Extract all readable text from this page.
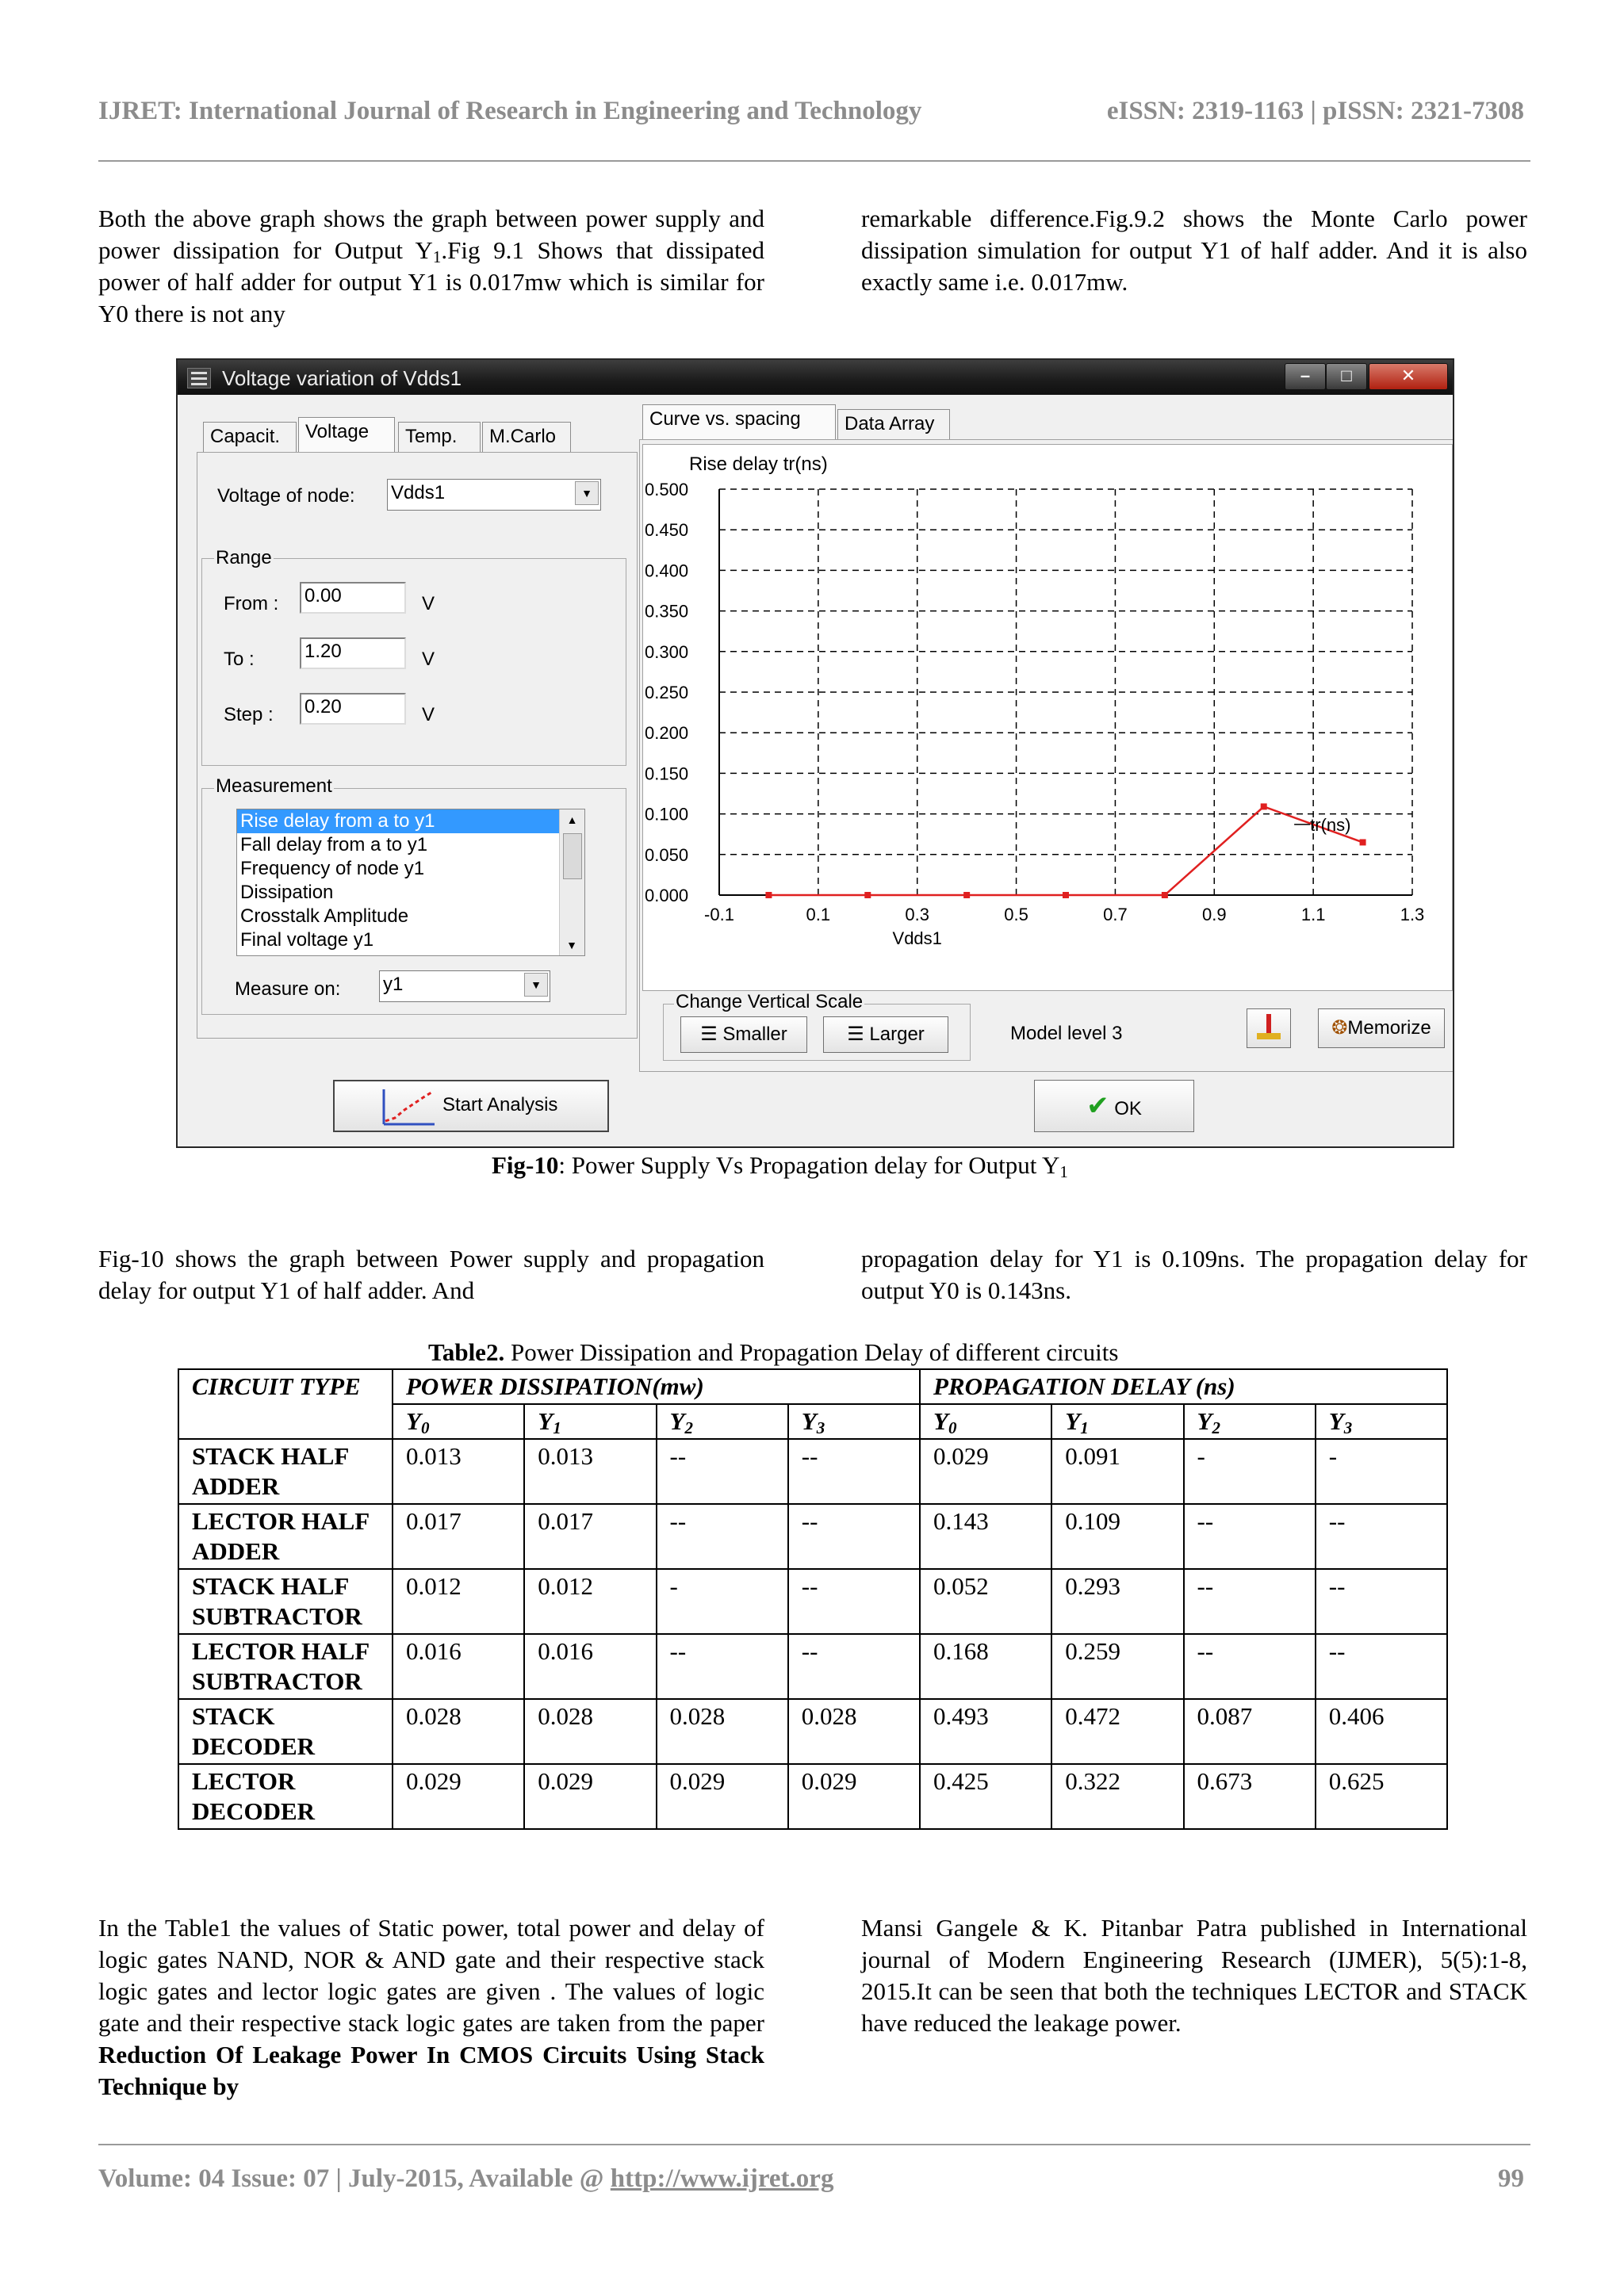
IJRET: International Journal of Research in Engineering and Technology	eISSN: 2319-1163 | pISSN: 2321-7308
Both the above graph shows the graph between power supply and power dissipation for Output $Y_1.Fig$ 9.1 Shows that dissipated power of half adder for output Y1 is 0.017mw which is similar for Y0 there is not any
remarkable difference.Fig.9.2 shows the Monte Carlo power dissipation simulation for output Y1 of half adder. And it is also exactly same i.e. 0.017mw.
Voltage variation of Vdds1	–	□	✕
Capacit.	Voltage	Temp.	M.Carlo
Voltage of node: Vdds1	▼
Range
From : 0.00	V
To :	1.20	V
Step : 0.20	V
Measurement
Rise delay from a to y1
Fall delay from a to y1
Frequency of node y1
Dissipation
Crosstalk Amplitude
Final voltage y1
▲
▼
Measure on: y1	▼
Curve vs. spacing	Data Array
Rise delay tr(ns)
0.000
0.050
0.100
0.150
0.200
0.250
0.300
0.350
0.400
0.450
0.500
-0.1	0.1	0.3	0.5	0.7	0.9	1.1	1.3
Vdds1
tr(ns)
Change Vertical Scale
☰ Smaller	☰ Larger	Model level 3	❂Memorize
Start Analysis	✔ OK
Fig-10: Power Supply Vs Propagation delay for Output $Y_1$
Fig-10 shows the graph between Power supply and propagation delay for output Y1 of half adder. And
propagation delay for Y1 is 0.109ns. The propagation delay for output Y0 is 0.143ns.
Table2. Power Dissipation and Propagation Delay of different circuits
CIRCUIT TYPE	POWER DISSIPATION(mw)				PROPAGATION DELAY (ns)			
	$Y_0$	$Y_1$	$Y_2$	$Y_3$	$Y_0$	$Y_1$	$Y_2$	$Y_3$
STACK HALF ADDER	0.013	0.013	--	--	0.029	0.091	-	-
LECTOR HALF ADDER	0.017	0.017	--	--	0.143	0.109	--	--
STACK HALF SUBTRACTOR	0.012	0.012	-	--	0.052	0.293	--	--
LECTOR HALF SUBTRACTOR	0.016	0.016	--	--	0.168	0.259	--	--
STACK DECODER	0.028	0.028	0.028	0.028	0.493	0.472	0.087	0.406
LECTOR DECODER	0.029	0.029	0.029	0.029	0.425	0.322	0.673	0.625
In the Table1 the values of Static power, total power and delay of logic gates NAND, NOR & AND gate and their respective stack logic gates and lector logic gates are given . The values of logic gate and their respective stack logic gates are taken from the paper Reduction Of Leakage Power In CMOS Circuits Using Stack Technique by
Mansi Gangele & K. Pitanbar Patra published in International journal of Modern Engineering Research (IJMER), 5(5):1-8, 2015.It can be seen that both the techniques LECTOR and STACK have reduced the leakage power.
Volume: 04 Issue: 07 | July-2015, Available @ http://www.ijret.org	99
